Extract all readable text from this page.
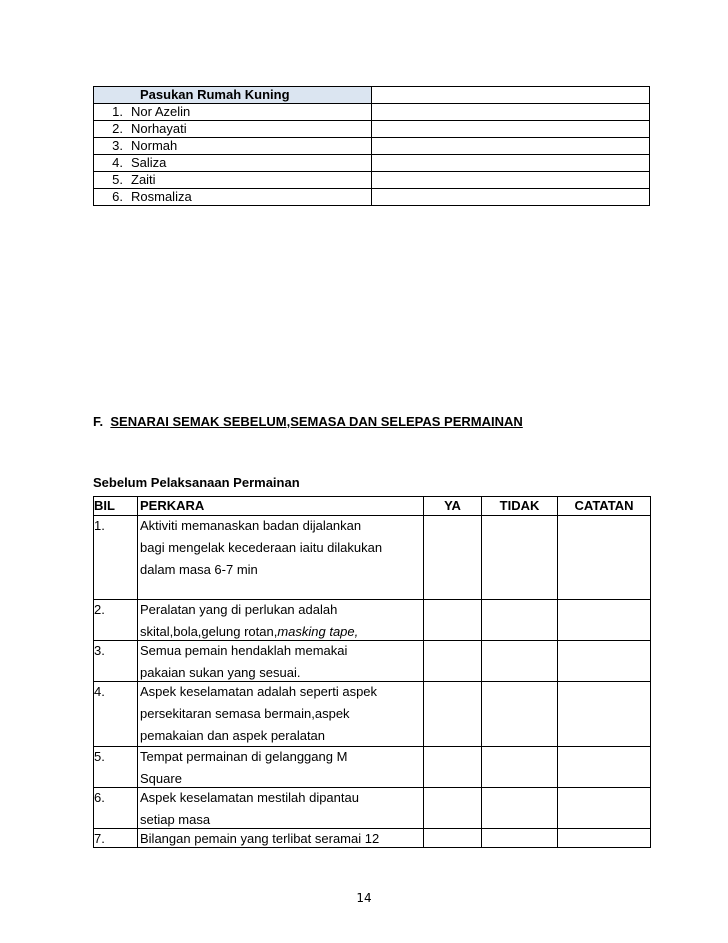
Pasukan Rumah Kuning	
1. Nor Azelin	
2. Norhayati	
3. Normah	
4. Saliza	
5. Zaiti	
6. Rosmaliza	
F. SENARAI SEMAK SEBELUM,SEMASA DAN SELEPAS PERMAINAN
Sebelum Pelaksanaan Permainan
BIL	PERKARA	YA	TIDAK	CATATAN
1.	Aktiviti memanaskan badan dijalankan
bagi mengelak kecederaan iaitu dilakukan
dalam masa 6-7 min			

2.	Peralatan yang di perlukan adalah
skital,bola,gelung rotan,masking tape,			

3.	Semua pemain hendaklah memakai
pakaian sukan yang sesuai.			

4.	Aspek keselamatan adalah seperti aspek
persekitaran semasa bermain,aspek
pemakaian dan aspek peralatan			

5.	Tempat permainan di gelanggang M
Square			

6.	Aspek keselamatan mestilah dipantau
setiap masa			

7.	Bilangan pemain yang terlibat seramai 12			

14
